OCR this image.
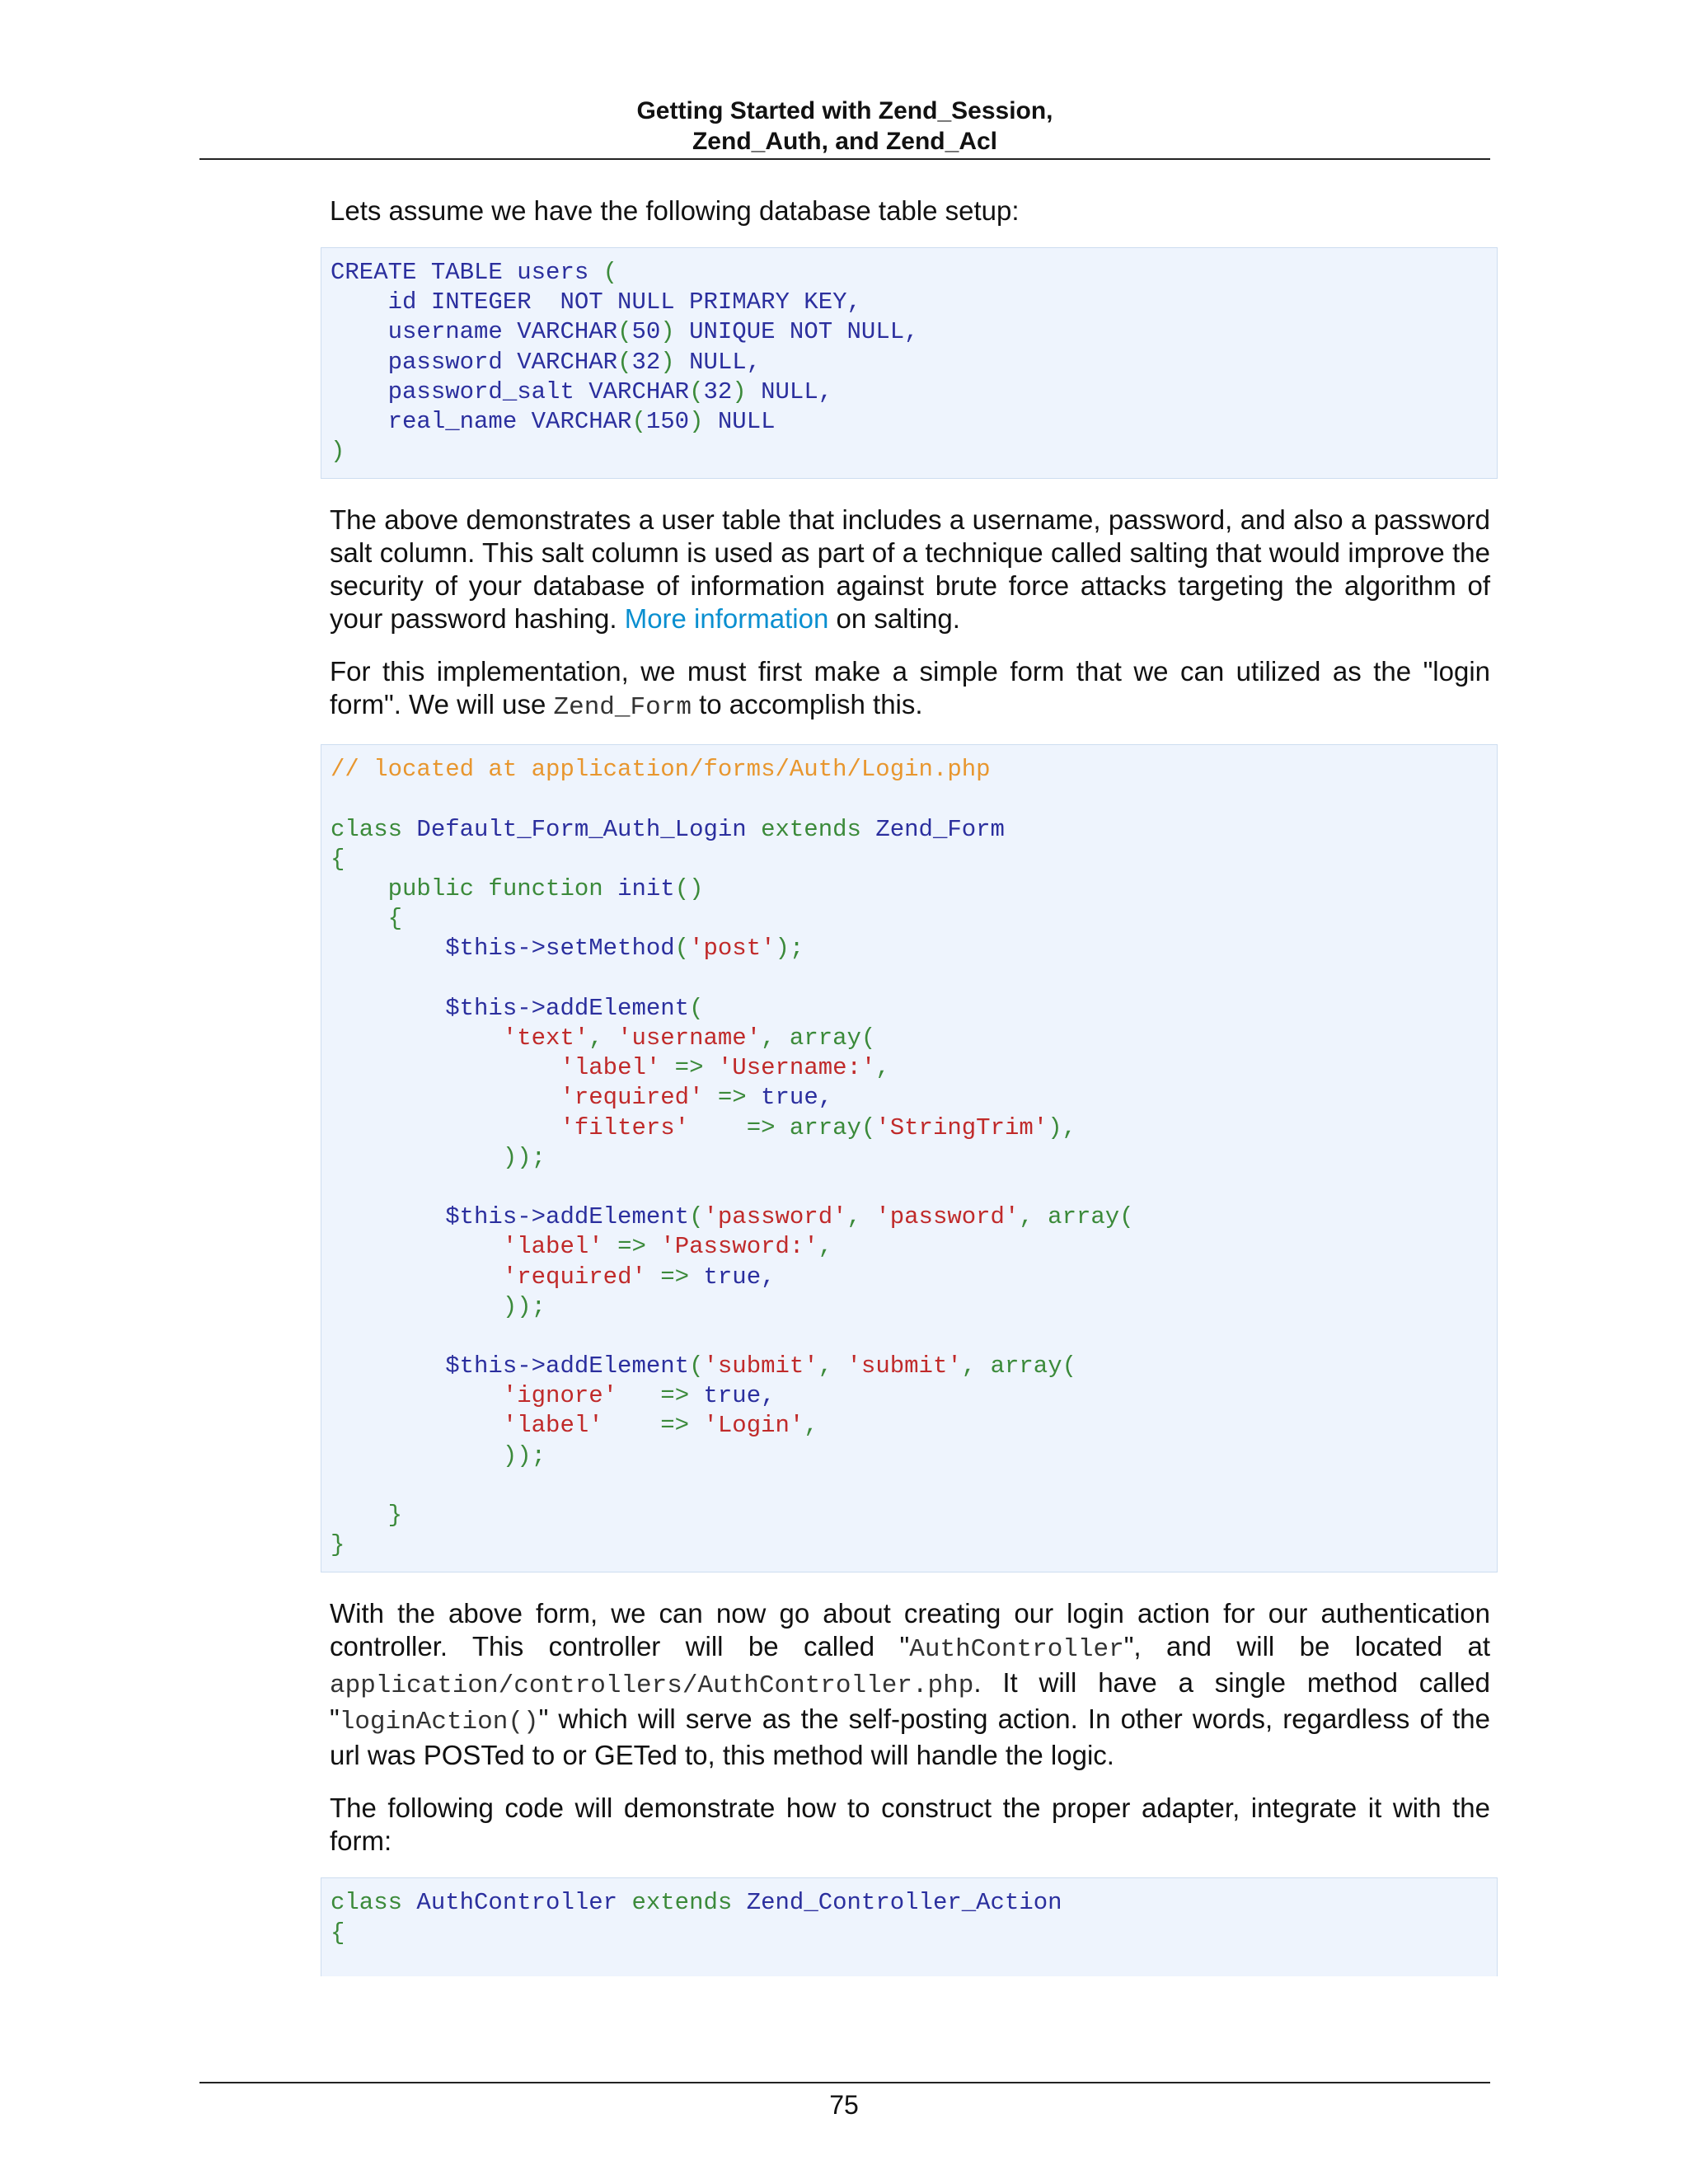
Getting Started with Zend_Session,
Zend_Auth, and Zend_Acl

Lets assume we have the following database table setup:

CREATE TABLE users (
id INTEGER  NOT NULL PRIMARY KEY,
username VARCHAR(50) UNIQUE NOT NULL,
password VARCHAR(32) NULL,
password_salt VARCHAR(32) NULL,
real_name VARCHAR(150) NULL
)

The above demonstrates a user table that includes a username, password, and also a password salt column. This salt column is used as part of a technique called salting that would improve the security of your database of information against brute force attacks targeting the algorithm of your password hashing. More information on salting.

For this implementation, we must first make a simple form that we can utilized as the "login form". We will use Zend_Form to accomplish this.

// located at application/forms/Auth/Login.php
class Default_Form_Auth_Login extends Zend_Form
{
public function init()
{
$this->setMethod('post');
$this->addElement(
'text', 'username', array(
'label' => 'Username:',
'required' => true,
'filters'    => array('StringTrim'),
));
$this->addElement('password', 'password', array(
'label' => 'Password:',
'required' => true,
));
$this->addElement('submit', 'submit', array(
'ignore'   => true,
'label'    => 'Login',
));
}
}

With the above form, we can now go about creating our login action for our authentication controller. This controller will be called "AuthController", and will be located at application/controllers/AuthController.php. It will have a single method called "loginAction()" which will serve as the self-posting action. In other words, regardless of the url was POSTed to or GETed to, this method will handle the logic.

The following code will demonstrate how to construct the proper adapter, integrate it with the form:

class AuthController extends Zend_Controller_Action
{
75
